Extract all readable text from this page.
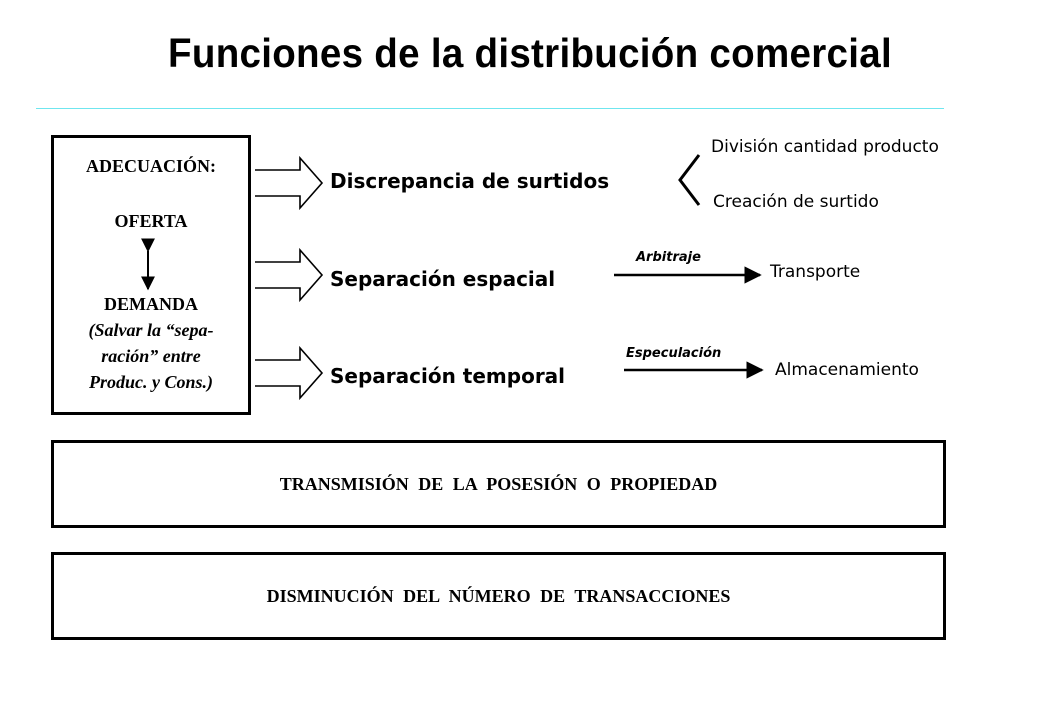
Funciones de la distribución comercial
ADECUACIÓN:
OFERTA
DEMANDA
(Salvar la “sepa-
ración” entre
Produc. y Cons.)
Discrepancia de surtidos
Separación espacial
Separación temporal
División cantidad producto
Creación de surtido
Arbitraje
Transporte
Especulación
Almacenamiento
TRANSMISIÓN DE LA POSESIÓN O PROPIEDAD
DISMINUCIÓN DEL NÚMERO DE TRANSACCIONES
